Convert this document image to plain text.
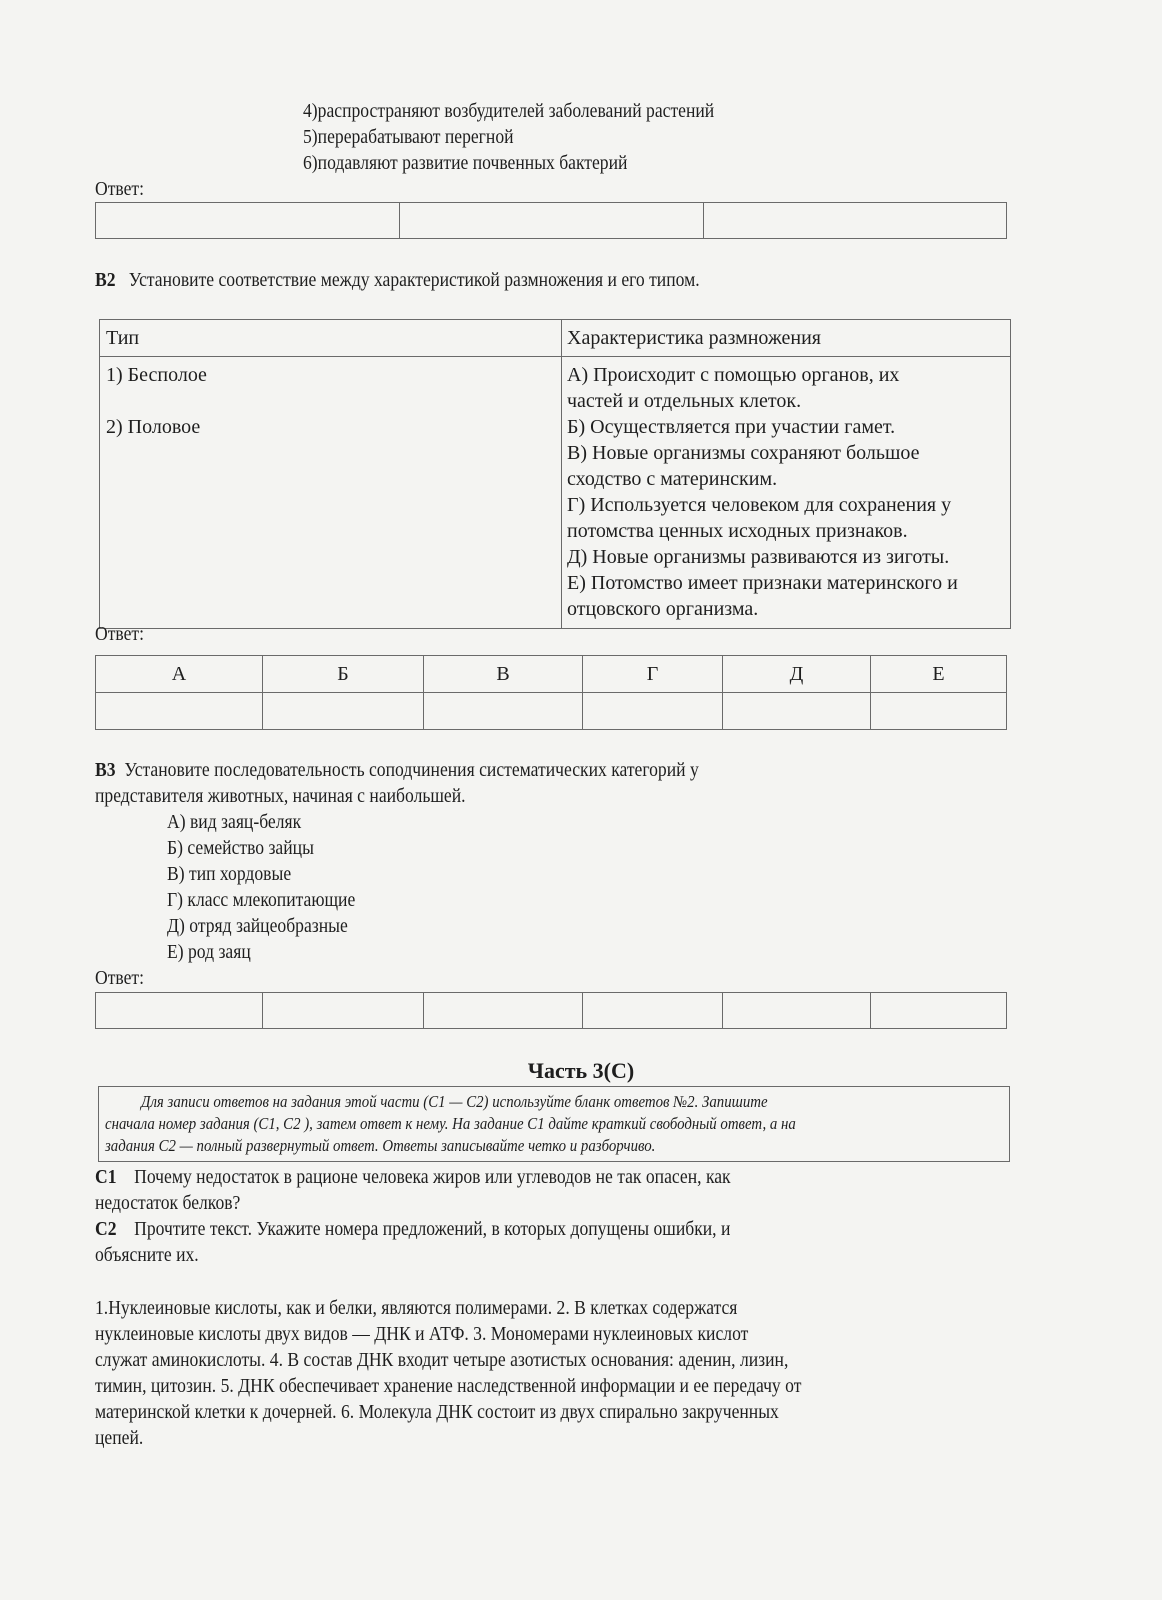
4)распространяют возбудителей заболеваний растений
5)перерабатывают перегной
6)подавляют развитие почвенных бактерий
Ответ:

B2 Установите соответствие между характеристикой размножения и его типом.
Тип	Характеристика размножения

1) Бесполое
2) Половое

А) Происходит с помощью органов, их
частей и отдельных клеток.
Б) Осуществляется при участии гамет.
В) Новые организмы сохраняют большое
сходство с материнским.
Г) Используется человеком для сохранения у
потомства ценных исходных признаков.
Д) Новые организмы развиваются из зиготы.
Е) Потомство имеет признаки материнского и
отцовского организма.
Ответ:
А	Б	В	Г	Д	Е

B3 Установите последовательность соподчинения систематических категорий у
представителя животных, начиная с наибольшей.
А) вид заяц-беляк
Б) семейство зайцы
В) тип хордовые
Г) класс млекопитающие
Д) отряд зайцеобразные
Е) род заяц
Ответ:

Часть 3(С)
Для записи ответов на задания этой части (С1 — С2) используйте бланк ответов №2. Запишите
сначала номер задания (С1, С2 ), затем ответ к нему. На задание С1 дайте краткий свободный ответ, а на
задания С2 — полный развернутый ответ. Ответы записывайте четко и разборчиво.
С1 Почему недостаток в рационе человека жиров или углеводов не так опасен, как
недостаток белков?
С2 Прочтите текст. Укажите номера предложений, в которых допущены ошибки, и
объясните их.
1.Нуклеиновые кислоты, как и белки, являются полимерами. 2. В клетках содержатся
нуклеиновые кислоты двух видов — ДНК и АТФ. 3. Мономерами нуклеиновых кислот
служат аминокислоты. 4. В состав ДНК входит четыре азотистых основания: аденин, лизин,
тимин, цитозин. 5. ДНК обеспечивает хранение наследственной информации и ее передачу от
материнской клетки к дочерней. 6. Молекула ДНК состоит из двух спирально закрученных
цепей.
